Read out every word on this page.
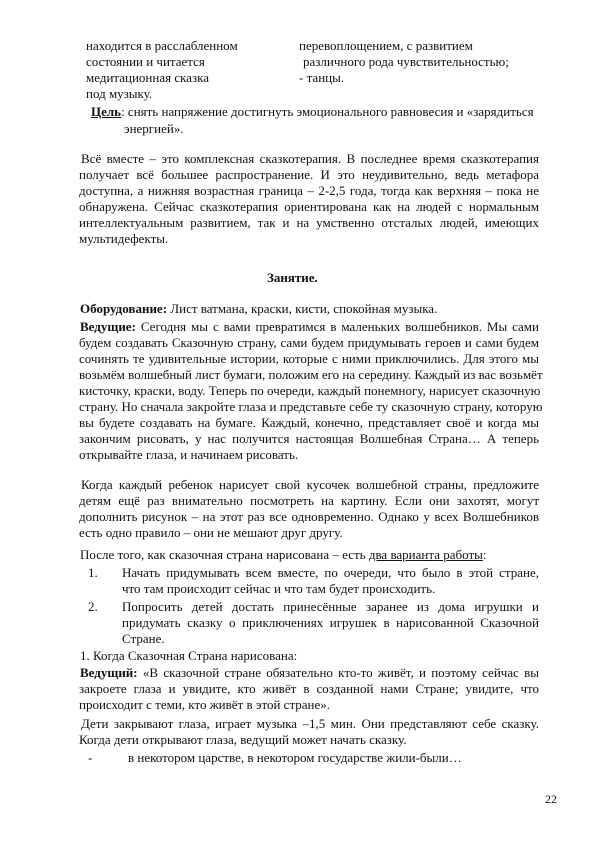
находится в расслабленном
состоянии и читается
медитационная сказка
под музыку.
перевоплощением, с развитием
различного рода чувствительностью;
- танцы.
Цель: снять напряжение достигнуть эмоционального равновесия и «зарядиться
энергией».
Всё вместе – это комплексная сказкотерапия. В последнее время сказкотерапия
получает всё большее распространение. И это неудивительно, ведь метафора
доступна, а нижняя возрастная граница – 2-2,5 года, тогда как верхняя – пока не
обнаружена. Сейчас сказкотерапия ориентирована как на людей с нормальным
интеллектуальным развитием, так и на умственно отсталых людей, имеющих
мультидефекты.
Занятие.
Оборудование: Лист ватмана, краски, кисти, спокойная музыка.
Ведущие: Сегодня мы с вами превратимся в маленьких волшебников. Мы сами
будем создавать Сказочную страну, сами будем придумывать героев и сами будем
сочинять те удивительные истории, которые с ними приключились. Для этого мы
возьмём волшебный лист бумаги, положим его на середину. Каждый из вас возьмёт
кисточку, краски, воду. Теперь по очереди, каждый понемногу, нарисует сказочную
страну. Но сначала закройте глаза и представьте себе ту сказочную страну, которую
вы будете создавать на бумаге. Каждый, конечно, представляет своё и когда мы
закончим рисовать, у нас получится настоящая Волшебная Страна… А теперь
открывайте глаза, и начинаем рисовать.
Когда каждый ребенок нарисует свой кусочек волшебной страны, предложите
детям ещё раз внимательно посмотреть на картину. Если они захотят, могут
дополнить рисунок – на этот раз все одновременно. Однако у всех Волшебников
есть одно правило – они не мешают друг другу.
После того, как сказочная страна нарисована – есть два варианта работы:
1. Начать придумывать всем вместе, по очереди, что было в этой стране,
что там происходит сейчас и что там будет происходить.
2. Попросить детей достать принесённые заранее из дома игрушки и
придумать сказку о приключениях игрушек в нарисованной Сказочной
Стране.
1. Когда Сказочная Страна нарисована:
Ведущий: «В сказочной стране обязательно кто-то живёт, и поэтому сейчас вы
закроете глаза и увидите, кто живёт в созданной нами Стране; увидите, что
происходит с теми, кто живёт в этой стране».
Дети закрывают глаза, играет музыка –1,5 мин. Они представляют себе сказку.
Когда дети открывают глаза, ведущий может начать сказку.
-	в некотором царстве, в некотором государстве жили-были…
22
